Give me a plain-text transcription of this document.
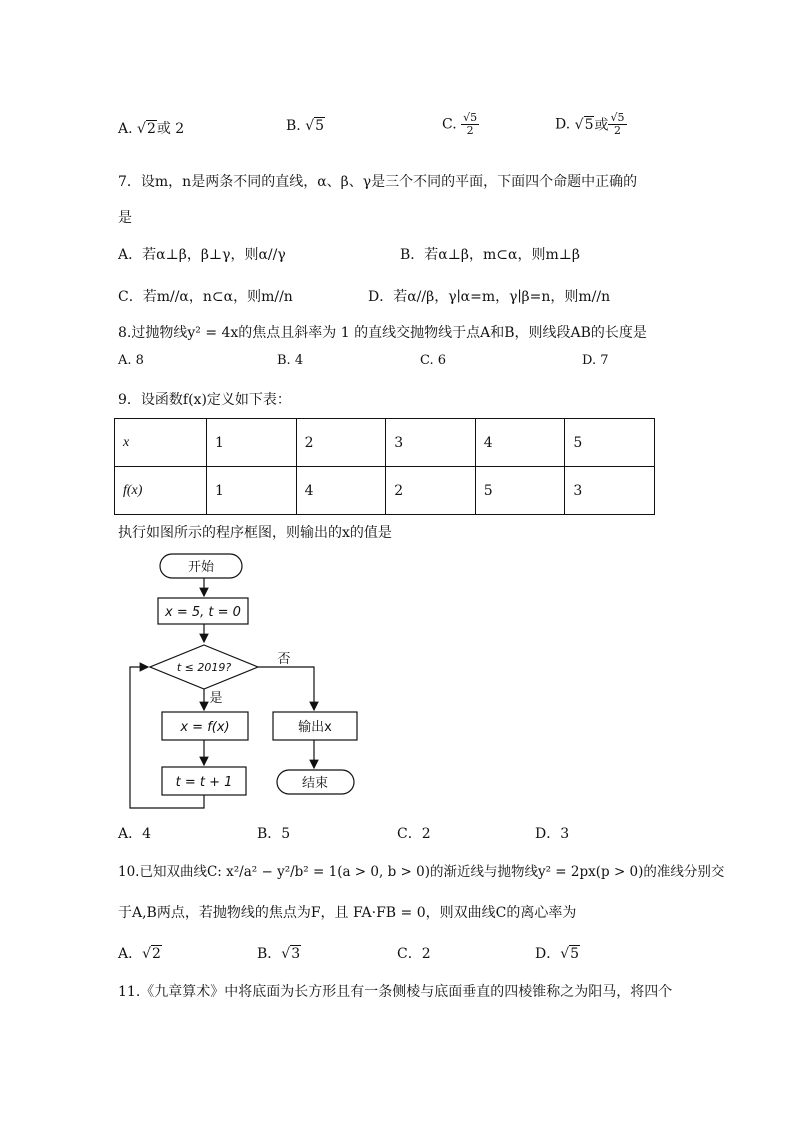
A. √2或 2	B. √5	C. $\frac{√5}{2}$	D. √5或 $\frac{√5}{2}$
7．设m，n是两条不同的直线，α、β、γ是三个不同的平面，下面四个命题中正确的
是
A．若α⊥β，β⊥γ，则α//γ	B．若α⊥β，m⊂α，则m⊥β
C．若m//α，n⊂α，则m//n	D．若α//β，γ∣α=m，γ∣β=n，则m//n
8.过抛物线y² = 4x的焦点且斜率为 1 的直线交抛物线于点A和B，则线段AB的长度是
A. 8	B. 4	C. 6	D. 7
9．设函数f(x)定义如下表：
x	1	2	3	4	5
f(x)	1	4	2	5	3
执行如图所示的程序框图，则输出的x的值是
开始
x = 5, t = 0
t ≤ 2019?
否
是
x = f(x)
t = t + 1
输出x
结束
A．4	B．5	C．2	D．3
10.已知双曲线C: x²/a² − y²/b² = 1(a > 0, b > 0)的渐近线与抛物线y² = 2px(p > 0)的准线分别交
于A,B两点，若抛物线的焦点为F，且 FA·FB = 0，则双曲线C的离心率为
A．√2	B．√3	C．2	D．√5
11.《九章算术》中将底面为长方形且有一条侧棱与底面垂直的四棱锥称之为阳马，将四个
